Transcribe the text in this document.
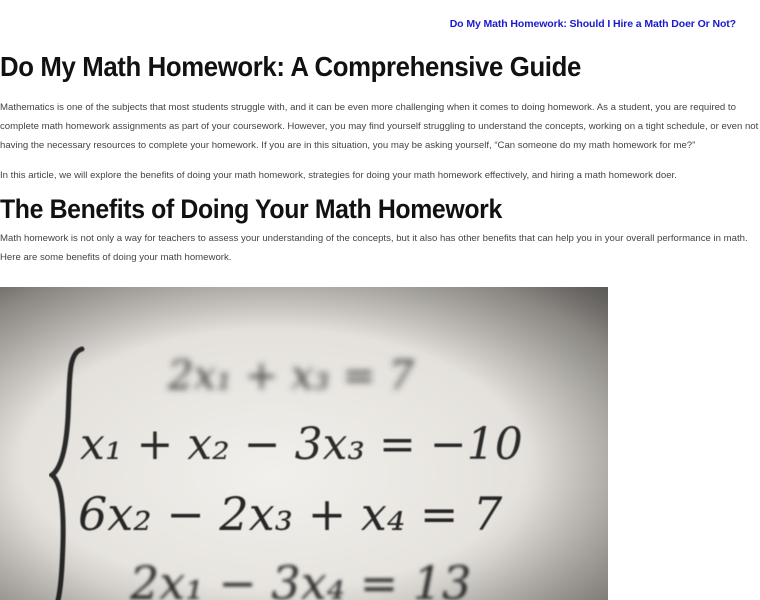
Do My Math Homework: Should I Hire a Math Doer Or Not?
Do My Math Homework: A Comprehensive Guide

Mathematics is one of the subjects that most students struggle with, and it can be even more challenging when it comes to doing homework. As a student, you are required to complete math homework assignments as part of your coursework. However, you may find yourself struggling to understand the concepts, working on a tight schedule, or even not having the necessary resources to complete your homework. If you are in this situation, you may be asking yourself, “Can someone do my math homework for me?”

In this article, we will explore the benefits of doing your math homework, strategies for doing your math homework effectively, and hiring a math homework doer.

The Benefits of Doing Your Math Homework

Math homework is not only a way for teachers to assess your understanding of the concepts, but it also has other benefits that can help you in your overall performance in math. Here are some benefits of doing your math homework.
